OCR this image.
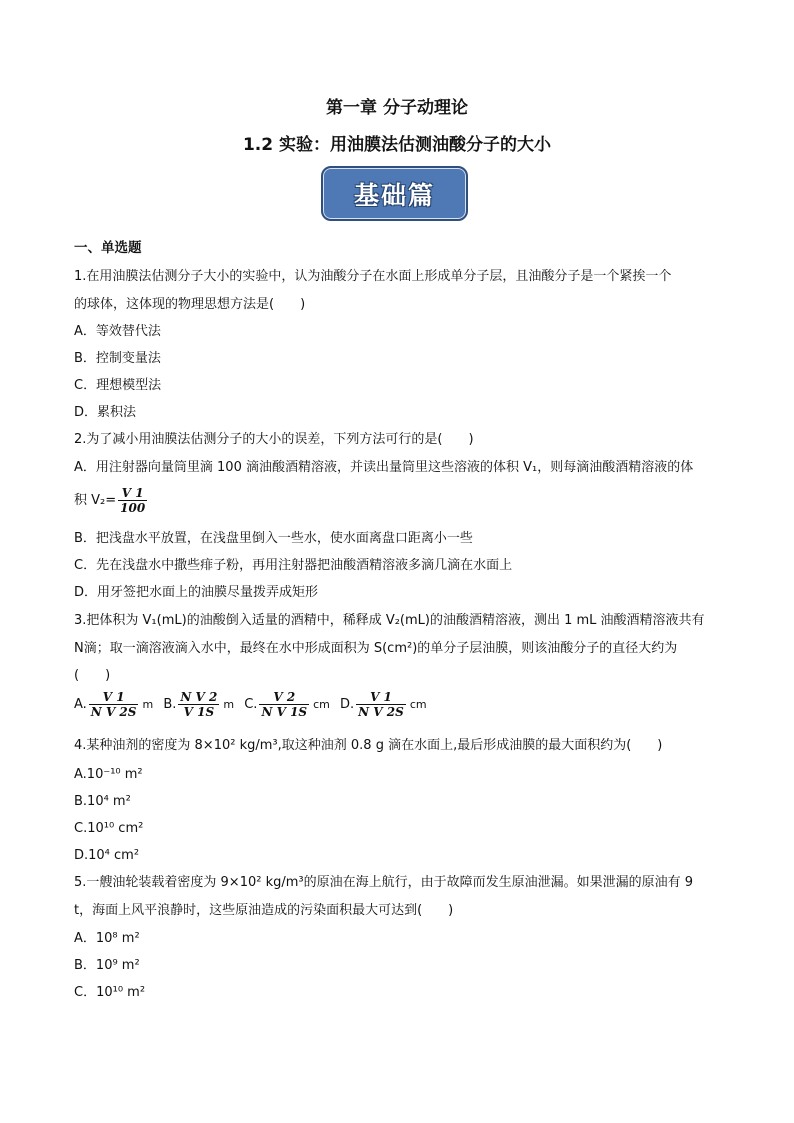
第一章 分子动理论
1.2 实验：用油膜法估测油酸分子的大小
基础篇
一、单选题
1.在用油膜法估测分子大小的实验中，认为油酸分子在水面上形成单分子层，且油酸分子是一个紧挨一个
的球体，这体现的物理思想方法是(　　)
A．等效替代法
B．控制变量法
C．理想模型法
D．累积法
2.为了减小用油膜法估测分子的大小的误差，下列方法可行的是(　　)
A．用注射器向量筒里滴 100 滴油酸酒精溶液，并读出量筒里这些溶液的体积 V₁，则每滴油酸酒精溶液的体
积 $V_2= \frac{V 1}{100}$
B．把浅盘水平放置，在浅盘里倒入一些水，使水面离盘口距离小一些
C．先在浅盘水中撒些痱子粉，再用注射器把油酸酒精溶液多滴几滴在水面上
D．用牙签把水面上的油膜尽量拨弄成矩形
3.把体积为 V₁(mL)的油酸倒入适量的酒精中，稀释成 V₂(mL)的油酸酒精溶液，测出 1 mL 油酸酒精溶液共有
N滴；取一滴溶液滴入水中，最终在水中形成面积为 S(cm²)的单分子层油膜，则该油酸分子的直径大约为
(　　)
A. $\frac{V 1}{\text{N V 2S}}$ m B. $\frac{\text{N V 2}}{V 1S}$ m C. $\frac{V 2}{\text{N V 1S}}$ cm D. $\frac{V 1}{\text{N V 2S}}$ cm
4.某种油剂的密度为 8×10² kg/m³,取这种油剂 0.8 g 滴在水面上,最后形成油膜的最大面积约为(　　)
A.10⁻¹⁰ m²
B.10⁴ m²
C.10¹⁰ cm²
D.10⁴ cm²
5.一艘油轮装载着密度为 9×10² kg/m³的原油在海上航行，由于故障而发生原油泄漏。如果泄漏的原油有 9
t，海面上风平浪静时，这些原油造成的污染面积最大可达到(　　)
A．10⁸ m²
B．10⁹ m²
C．10¹⁰ m²
